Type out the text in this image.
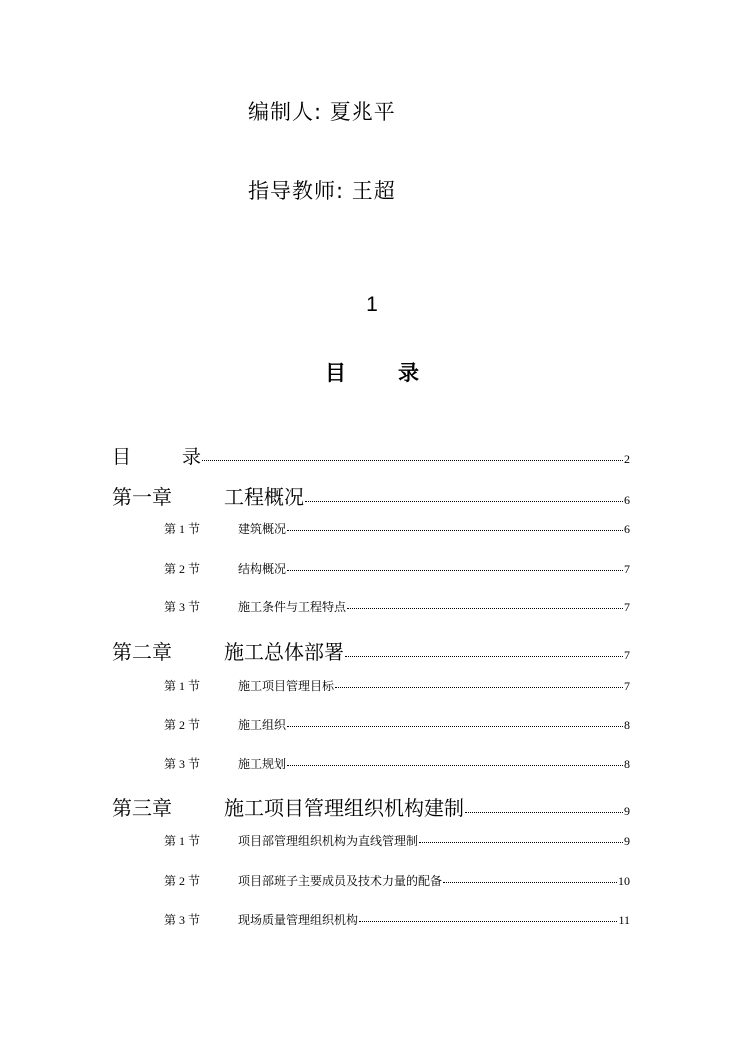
编制人: 夏兆平
指导教师: 王超
1
目 录
目	录	2
第一章	工程概况	6
第 1 节	建筑概况	6
第 2 节	结构概况	7
第 3 节	施工条件与工程特点	7
第二章	施工总体部署	7
第 1 节	施工项目管理目标	7
第 2 节	施工组织	8
第 3 节	施工规划	8
第三章	施工项目管理组织机构建制	9
第 1 节	项目部管理组织机构为直线管理制	9
第 2 节	项目部班子主要成员及技术力量的配备	10
第 3 节	现场质量管理组织机构	11
